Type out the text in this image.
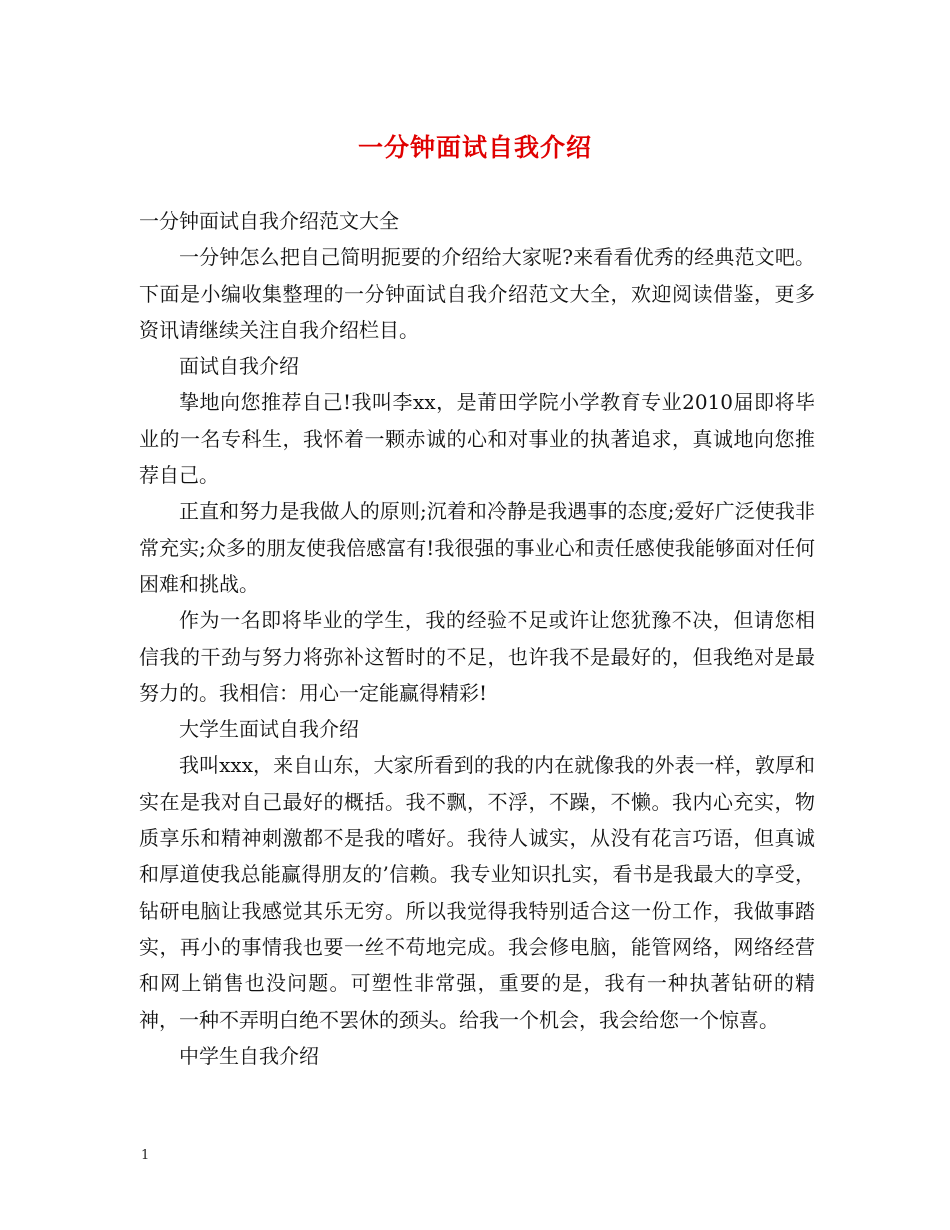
一分钟面试自我介绍

一分钟面试自我介绍范文大全

一分钟怎么把自己简明扼要的介绍给大家呢?来看看优秀的经典范文吧。下面是小编收集整理的一分钟面试自我介绍范文大全，欢迎阅读借鉴，更多资讯请继续关注自我介绍栏目。

面试自我介绍

挚地向您推荐自己!我叫李xx，是莆田学院小学教育专业2010届即将毕业的一名专科生，我怀着一颗赤诚的心和对事业的执著追求，真诚地向您推荐自己。

正直和努力是我做人的原则;沉着和冷静是我遇事的态度;爱好广泛使我非常充实;众多的朋友使我倍感富有!我很强的事业心和责任感使我能够面对任何困难和挑战。

作为一名即将毕业的学生，我的经验不足或许让您犹豫不决，但请您相信我的干劲与努力将弥补这暂时的不足，也许我不是最好的，但我绝对是最努力的。我相信：用心一定能赢得精彩!

大学生面试自我介绍

我叫xxx，来自山东，大家所看到的我的内在就像我的外表一样，敦厚和实在是我对自己最好的概括。我不飘，不浮，不躁，不懒。我内心充实，物质享乐和精神刺激都不是我的嗜好。我待人诚实，从没有花言巧语，但真诚和厚道使我总能赢得朋友的’信赖。我专业知识扎实，看书是我最大的享受，钻研电脑让我感觉其乐无穷。所以我觉得我特别适合这一份工作，我做事踏实，再小的事情我也要一丝不苟地完成。我会修电脑，能管网络，网络经营和网上销售也没问题。可塑性非常强，重要的是，我有一种执著钻研的精神，一种不弄明白绝不罢休的颈头。给我一个机会，我会给您一个惊喜。

中学生自我介绍

1
